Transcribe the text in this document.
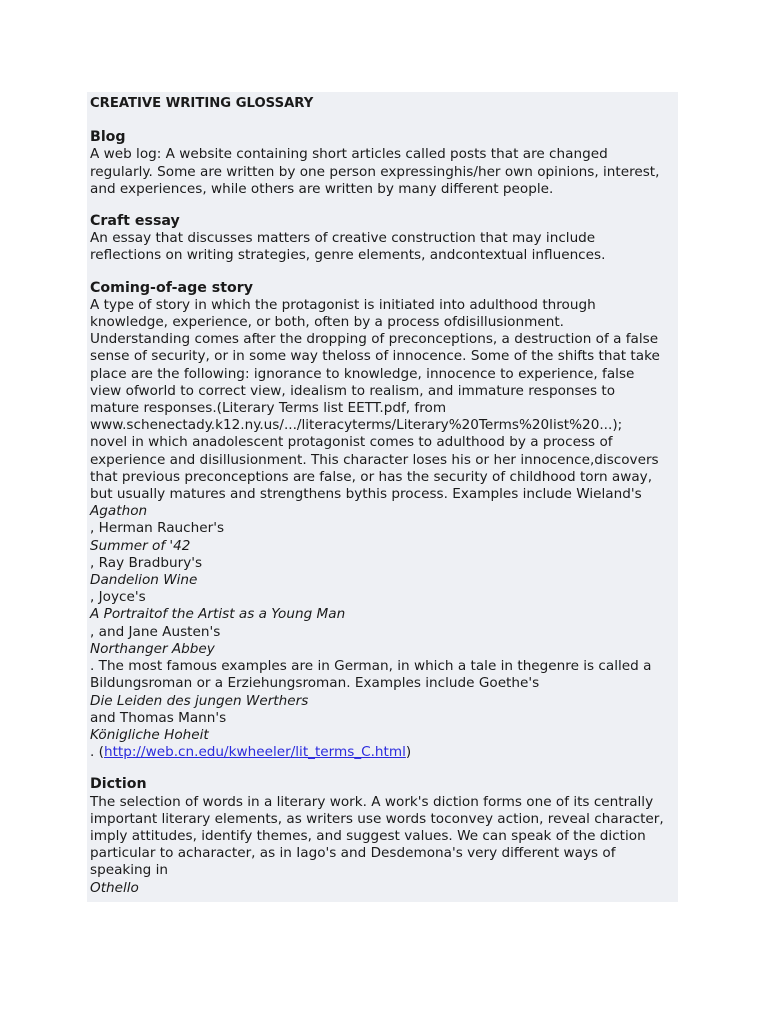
CREATIVE WRITING GLOSSARY

Blog

A web log: A website containing short articles called posts that are changed
regularly. Some are written by one person expressinghis/her own opinions, interest,
and experiences, while others are written by many different people.

Craft essay

An essay that discusses matters of creative construction that may include
reflections on writing strategies, genre elements, andcontextual influences.

Coming-of-age story

A type of story in which the protagonist is initiated into adulthood through
knowledge, experience, or both, often by a process ofdisillusionment.
Understanding comes after the dropping of preconceptions, a destruction of a false
sense of security, or in some way theloss of innocence. Some of the shifts that take
place are the following: ignorance to knowledge, innocence to experience, false
view ofworld to correct view, idealism to realism, and immature responses to
mature responses.(Literary Terms list EETT.pdf, from
www.schenectady.k12.ny.us/.../literacyterms/Literary%20Terms%20list%20...);
novel in which anadolescent protagonist comes to adulthood by a process of
experience and disillusionment. This character loses his or her innocence,discovers
that previous preconceptions are false, or has the security of childhood torn away,
but usually matures and strengthens bythis process. Examples include Wieland's
Agathon
, Herman Raucher's
Summer of '42
, Ray Bradbury's
Dandelion Wine
, Joyce's
A Portraitof the Artist as a Young Man
, and Jane Austen's
Northanger Abbey
. The most famous examples are in German, in which a tale in thegenre is called a
Bildungsroman or a Erziehungsroman. Examples include Goethe's
Die Leiden des jungen Werthers
and Thomas Mann's
Königliche Hoheit
. (http://web.cn.edu/kwheeler/lit_terms_C.html)

Diction

The selection of words in a literary work. A work's diction forms one of its centrally
important literary elements, as writers use words toconvey action, reveal character,
imply attitudes, identify themes, and suggest values. We can speak of the diction
particular to acharacter, as in Iago's and Desdemona's very different ways of
speaking in
Othello
